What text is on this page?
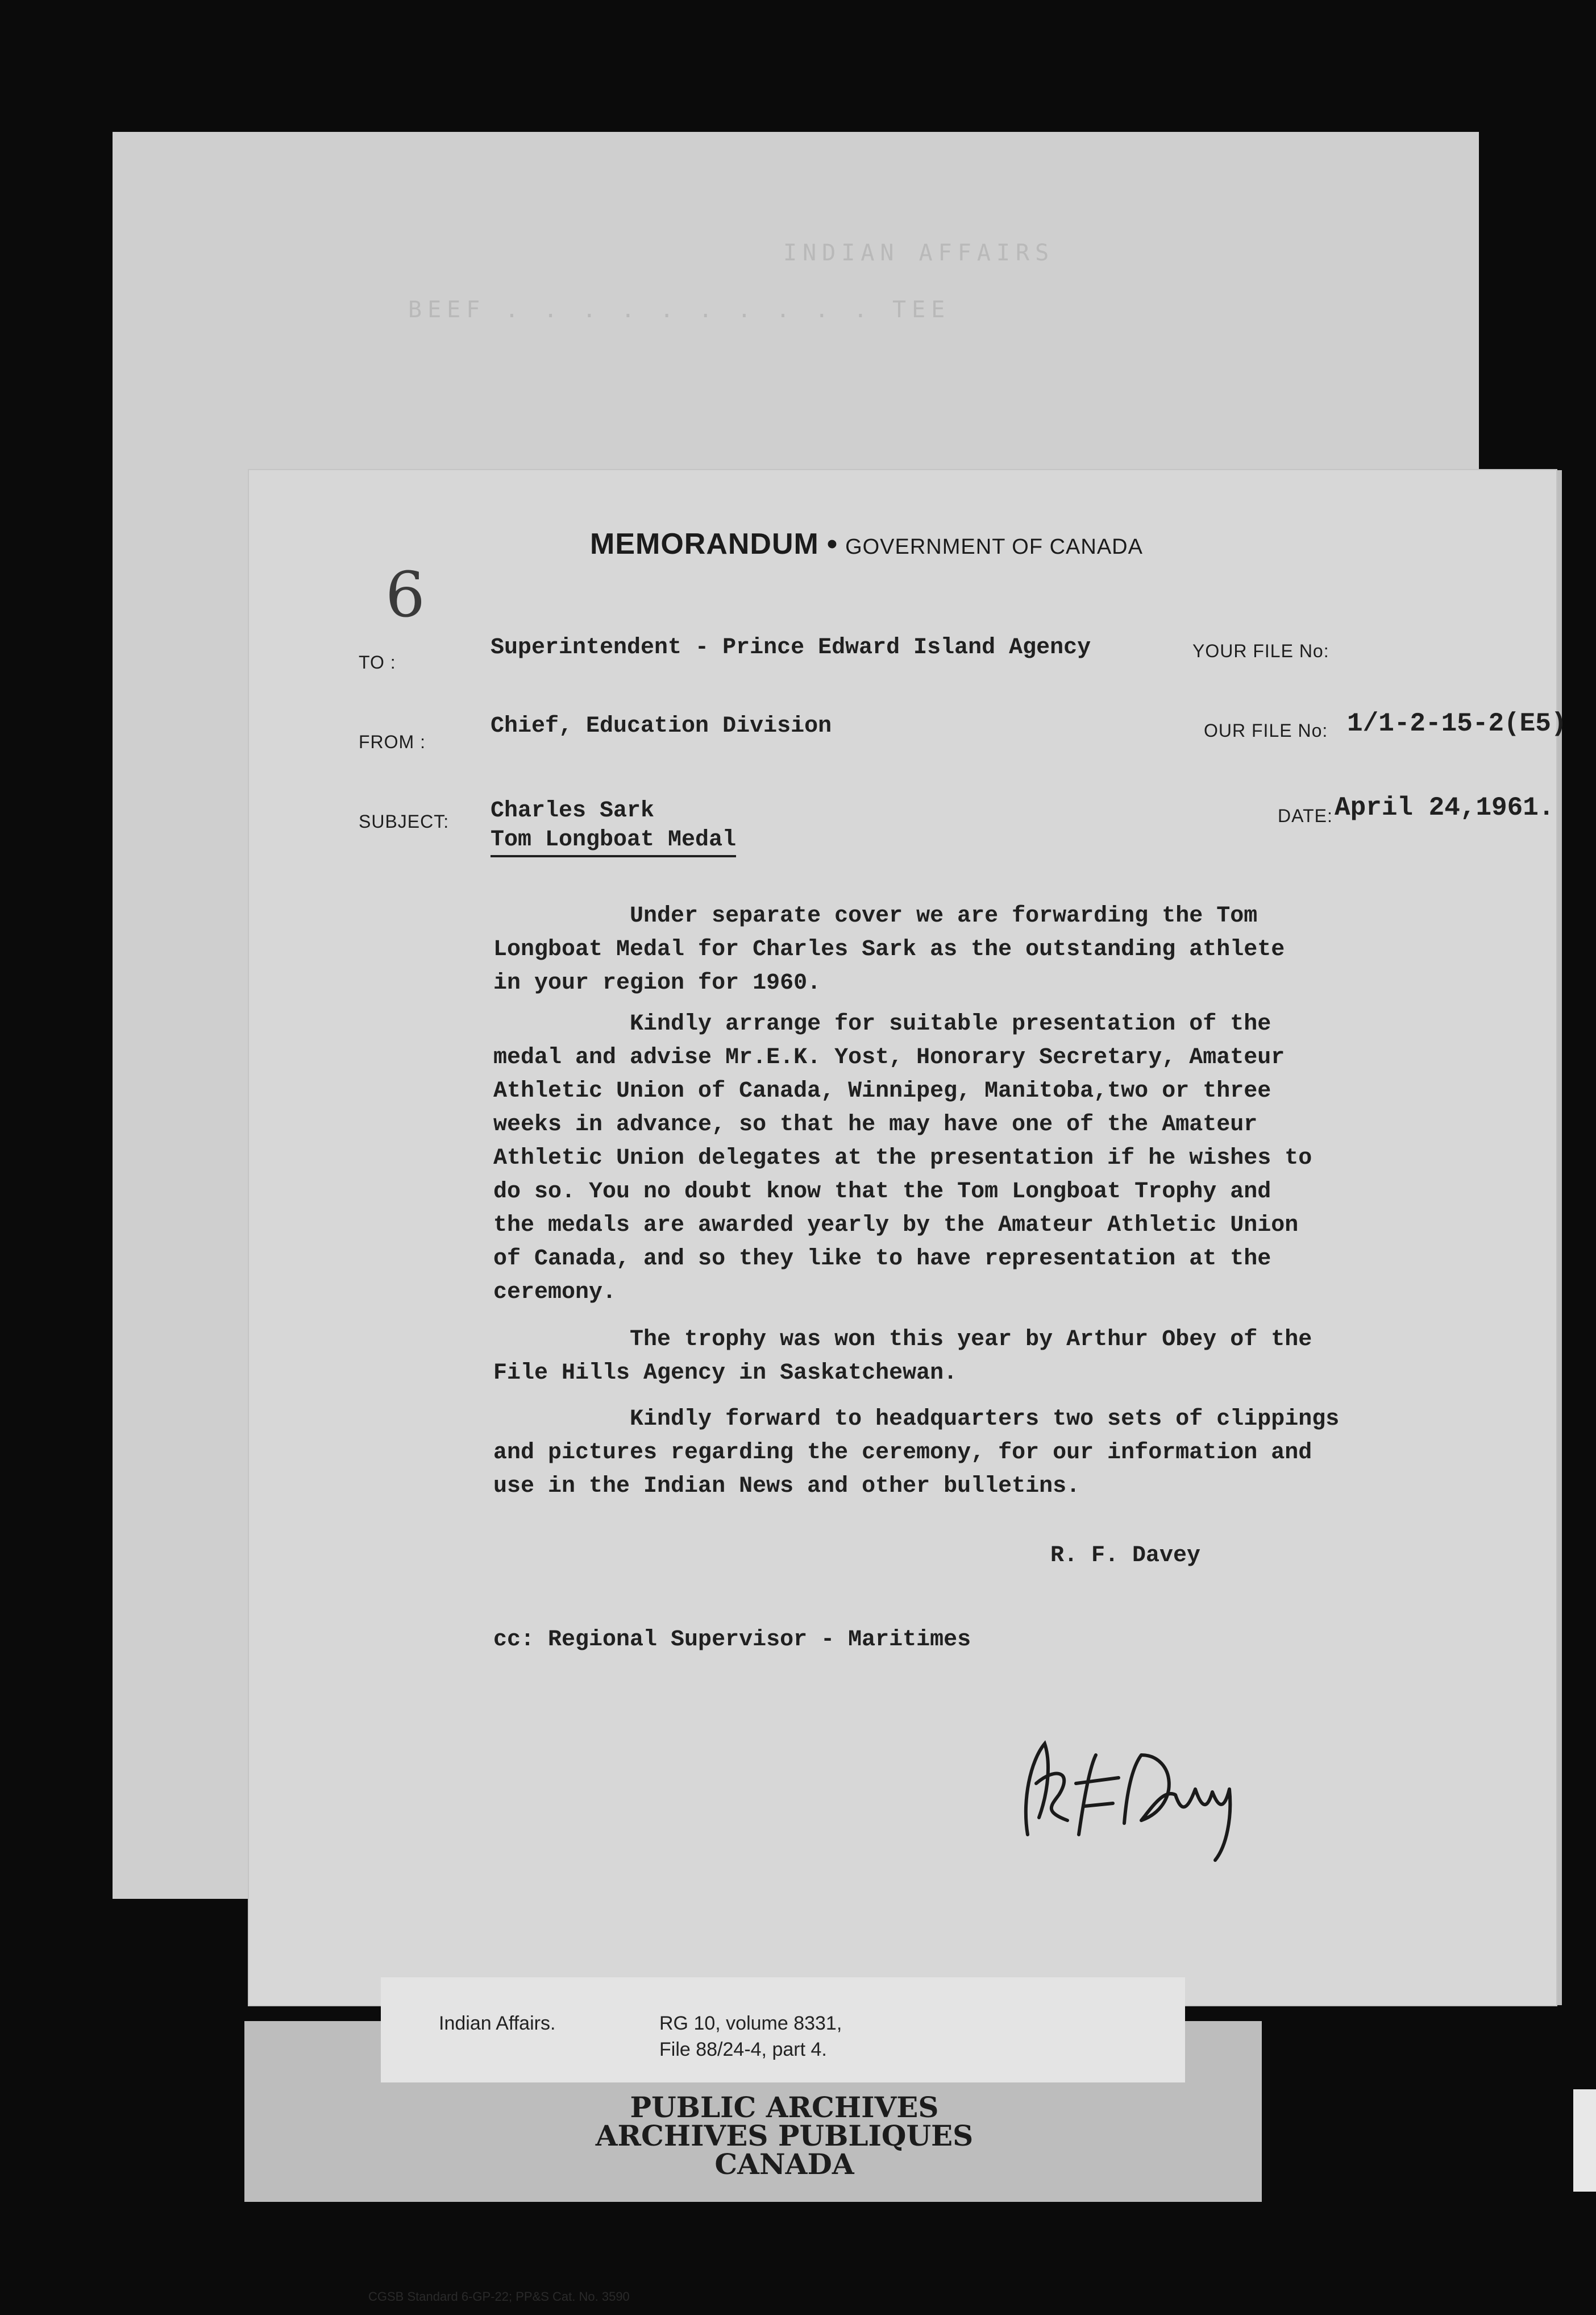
INDIAN AFFAIRS
BEEF . . . . . . . . . . TEE
MEMORANDUM • GOVERNMENT OF CANADA
6
TO :
Superintendent - Prince Edward Island Agency	YOUR FILE No:
FROM :
Chief, Education Division	OUR FILE No: 1/1-2-15-2(E5)
SUBJECT: Charles Sark
Tom Longboat Medal
DATE: April 24,1961.
Under separate cover we are forwarding the Tom
Longboat Medal for Charles Sark as the outstanding athlete
in your region for 1960.
Kindly arrange for suitable presentation of the
medal and advise Mr.E.K. Yost, Honorary Secretary, Amateur
Athletic Union of Canada, Winnipeg, Manitoba,two or three
weeks in advance, so that he may have one of the Amateur
Athletic Union delegates at the presentation if he wishes to
do so. You no doubt know that the Tom Longboat Trophy and
the medals are awarded yearly by the Amateur Athletic Union
of Canada, and so they like to have representation at the
ceremony.
The trophy was won this year by Arthur Obey of the
File Hills Agency in Saskatchewan.
Kindly forward to headquarters two sets of clippings
and pictures regarding the ceremony, for our information and
use in the Indian News and other bulletins.
R. F. Davey
cc: Regional Supervisor - Maritimes
CGSB Standard 6-GP-22; PP&S Cat. No. 3590
Indian Affairs.	RG 10, volume 8331,
File 88/24-4, part 4.
PUBLIC ARCHIVES
ARCHIVES PUBLIQUES
CANADA
